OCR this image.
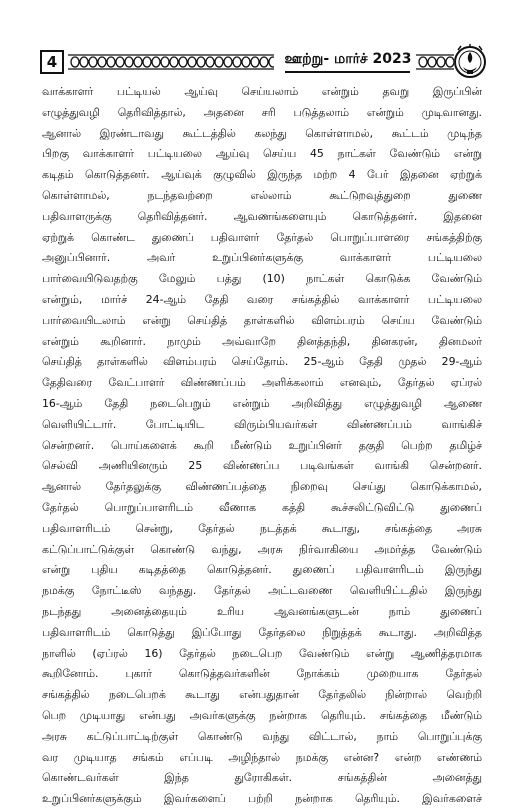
4	ஊற்று- மார்ச் 2023
வாக்காளர் பட்டியல் ஆய்வு செய்யலாம் என்றும் தவறு இருப்பின்
எழுத்துவழி தெரிவித்தால், அதனை சரி படுத்தலாம் என்றும் முடிவானது.
ஆனால் இரண்டாவது கூட்டத்தில் கலந்து கொள்ளாமல், கூட்டம் முடிந்த
பிறகு வாக்காளர் பட்டியலை ஆய்வு செய்ய 45 நாட்கள் வேண்டும் என்று
கடிதம் கொடுத்தனர். ஆய்வுக் குழுவில் இருந்த மற்ற 4 பேர் இதனை ஏற்றுக்
கொள்ளாமல், நடந்தவற்றை எல்லாம் கூட்டுறவுத்துறை துணை
பதிவாளருக்கு தெரிவித்தனர். ஆவணங்களையும் கொடுத்தனர். இதனை
ஏற்றுக் கொண்ட துணைப் பதிவாளர் தேர்தல் பொறுப்பாளரை சங்கத்திற்கு
அனுப்பினார். அவர் உறுப்பினர்களுக்கு வாக்காளர் பட்டியலை
பார்வையிடுவதற்கு மேலும் பத்து (10) நாட்கள் கொடுக்க வேண்டும்
என்றும், மார்ச் 24-ஆம் தேதி வரை சங்கத்தில் வாக்காளர் பட்டியலை
பார்வையிடலாம் என்று செய்தித் தாள்களில் விளம்பரம் செய்ய வேண்டும்
என்றும் கூறினார். நாமும் அவ்வாறே தினத்தந்தி, தினகரன், தினமலர்
செய்தித் தாள்களில் விளம்பரம் செய்தோம். 25-ஆம் தேதி முதல் 29-ஆம்
தேதிவரை வேட்பாளர் விண்ணப்பம் அளிக்கலாம் எனவும், தேர்தல் ஏப்ரல்
16-ஆம் தேதி நடைபெறும் என்றும் அறிவித்து எழுத்துவழி ஆணை
வெளியிட்டார். போட்டியிட விரும்பியவர்கள் விண்ணப்பம் வாங்கிச்
சென்றனர். பொய்களைக் கூறி மீண்டும் உறுப்பினர் தகுதி பெற்ற தமிழ்ச்
செல்வி அணியினரும் 25 விண்ணப்ப படிவங்கள் வாங்கி சென்றனர்.
ஆனால் தேர்தலுக்கு விண்ணப்பத்தை நிறைவு செய்து கொடுக்காமல்,
தேர்தல் பொறுப்பாளரிடம் வீணாக கத்தி கூச்சலிட்டுவிட்டு துணைப்
பதிவாளரிடம் சென்று, தேர்தல் நடத்தக் கூடாது, சங்கத்தை அரசு
கட்டுப்பாட்டுக்குள் கொண்டு வந்து, அரசு நிர்வாகியை அமர்த்த வேண்டும்
என்று புதிய கடிதத்தை கொடுத்தனர். துணைப் பதிவாளரிடம் இருந்து
நமக்கு நோட்டீஸ் வந்தது. தேர்தல் அட்டவணை வெளியிட்டதில் இருந்து
நடந்தது அனைத்தையும் உரிய ஆவனங்களுடன் நாம் துணைப்
பதிவாளரிடம் கொடுத்து இப்போது தேர்தலை நிறுத்தக் கூடாது. அறிவித்த
நாளில் (ஏப்ரல் 16) தேர்தல் நடைபெற வேண்டும் என்று ஆணித்தரமாக
கூறினோம். புகார் கொடுத்தவர்களின் நோக்கம் முறையாக தேர்தல்
சங்கத்தில் நடைபெறக் கூடாது என்பதுதான் தேர்தலில் நின்றால் வெற்றி
பெற முடியாது என்பது அவர்களுக்கு நன்றாக தெரியும். சங்கத்தை மீண்டும்
அரசு கட்டுப்பாட்டிற்குள் கொண்டு வந்து விட்டால், நாம் பொறுப்புக்கு
வர முடியாத சங்கம் எப்படி அழிந்தால் நமக்கு என்ன? என்ற எண்ணம்
கொண்டவர்கள் இந்த துரோகிகள். சங்கத்தின் அனைத்து
உறுப்பினர்களுக்கும் இவர்களைப் பற்றி நன்றாக தெரியும். இவர்களைச்
